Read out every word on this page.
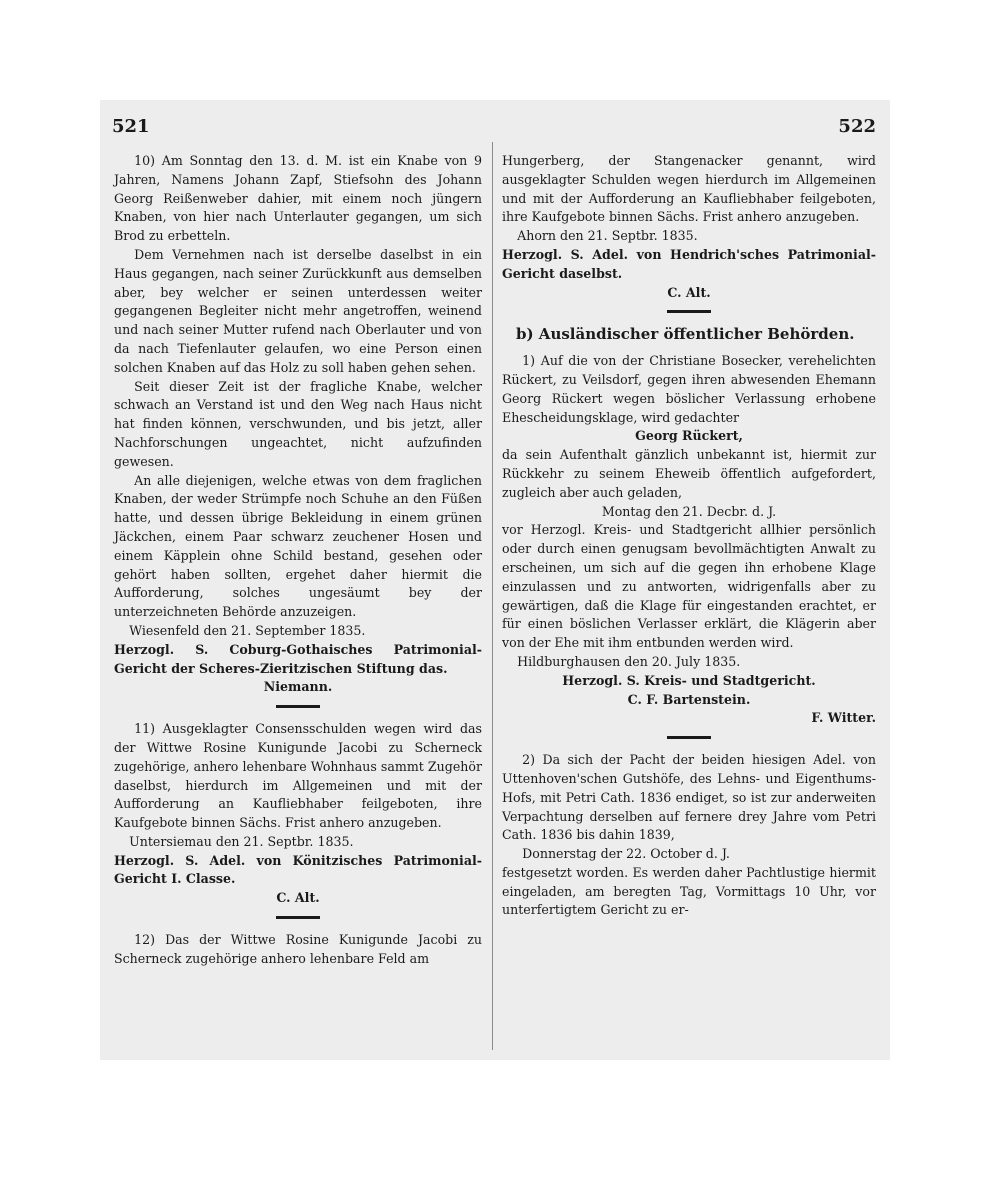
521	522
10) Am Sonntag den 13. d. M. ist ein Knabe von 9 Jahren, Namens Johann Zapf, Stiefsohn des Johann Georg Reißenweber dahier, mit einem noch jüngern Knaben, von hier nach Unterlauter gegangen, um sich Brod zu erbetteln.
Dem Vernehmen nach ist derselbe daselbst in ein Haus gegangen, nach seiner Zurückkunft aus demselben aber, bey welcher er seinen unterdessen weiter gegangenen Begleiter nicht mehr angetroffen, weinend und nach seiner Mutter rufend nach Oberlauter und von da nach Tiefenlauter gelaufen, wo eine Person einen solchen Knaben auf das Holz zu soll haben gehen sehen.
Seit dieser Zeit ist der fragliche Knabe, welcher schwach an Verstand ist und den Weg nach Haus nicht hat finden können, verschwunden, und bis jetzt, aller Nachforschungen ungeachtet, nicht aufzufinden gewesen.
An alle diejenigen, welche etwas von dem fraglichen Knaben, der weder Strümpfe noch Schuhe an den Füßen hatte, und dessen übrige Bekleidung in einem grünen Jäckchen, einem Paar schwarz zeuchener Hosen und einem Käpplein ohne Schild bestand, gesehen oder gehört haben sollten, ergehet daher hiermit die Aufforderung, solches ungesäumt bey der unterzeichneten Behörde anzuzeigen.
Wiesenfeld den 21. September 1835.
Herzogl. S. Coburg-Gothaisches Patrimonial-Gericht der Scheres-Zieritzischen Stiftung das.
Niemann.
11) Ausgeklagter Consensschulden wegen wird das der Wittwe Rosine Kunigunde Jacobi zu Scherneck zugehörige, anhero lehenbare Wohnhaus sammt Zugehör daselbst, hierdurch im Allgemeinen und mit der Aufforderung an Kaufliebhaber feilgeboten, ihre Kaufgebote binnen Sächs. Frist anhero anzugeben.
Untersiemau den 21. Septbr. 1835.
Herzogl. S. Adel. von Könitzisches Patrimonial-Gericht I. Classe.
C. Alt.
12) Das der Wittwe Rosine Kunigunde Jacobi zu Scherneck zugehörige anhero lehenbare Feld am
Hungerberg, der Stangenacker genannt, wird ausgeklagter Schulden wegen hierdurch im Allgemeinen und mit der Aufforderung an Kaufliebhaber feilgeboten, ihre Kaufgebote binnen Sächs. Frist anhero anzugeben.
Ahorn den 21. Septbr. 1835.
Herzogl. S. Adel. von Hendrich'sches Patrimonial-Gericht daselbst.
C. Alt.
b) Ausländischer öffentlicher Behörden.
1) Auf die von der Christiane Bosecker, verehelichten Rückert, zu Veilsdorf, gegen ihren abwesenden Ehemann Georg Rückert wegen böslicher Verlassung erhobene Ehescheidungsklage, wird gedachter
Georg Rückert,
da sein Aufenthalt gänzlich unbekannt ist, hiermit zur Rückkehr zu seinem Eheweib öffentlich aufgefordert, zugleich aber auch geladen,
Montag den 21. Decbr. d. J.
vor Herzogl. Kreis- und Stadtgericht allhier persönlich oder durch einen genugsam bevollmächtigten Anwalt zu erscheinen, um sich auf die gegen ihn erhobene Klage einzulassen und zu antworten, widrigenfalls aber zu gewärtigen, daß die Klage für eingestanden erachtet, er für einen böslichen Verlasser erklärt, die Klägerin aber von der Ehe mit ihm entbunden werden wird.
Hildburghausen den 20. July 1835.
Herzogl. S. Kreis- und Stadtgericht.
C. F. Bartenstein.
F. Witter.
2) Da sich der Pacht der beiden hiesigen Adel. von Uttenhoven'schen Gutshöfe, des Lehns- und Eigenthums-Hofs, mit Petri Cath. 1836 endiget, so ist zur anderweiten Verpachtung derselben auf fernere drey Jahre vom Petri Cath. 1836 bis dahin 1839,
Donnerstag der 22. October d. J.
festgesetzt worden. Es werden daher Pachtlustige hiermit eingeladen, am beregten Tag, Vormittags 10 Uhr, vor unterfertigtem Gericht zu er-
